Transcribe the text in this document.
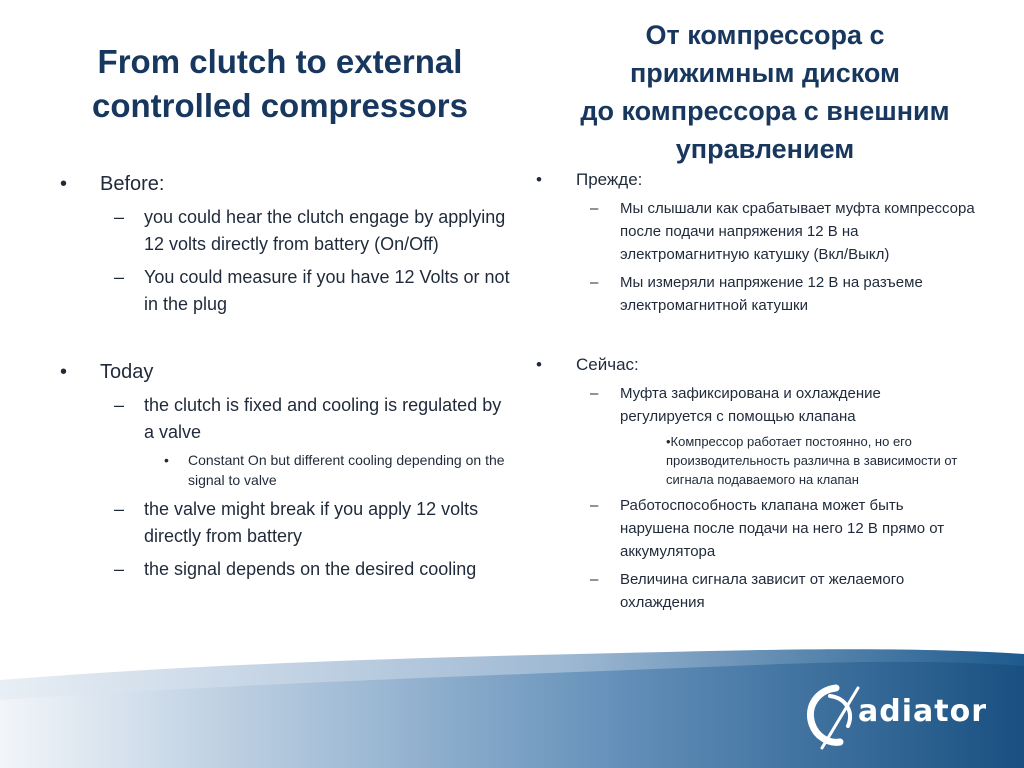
From clutch to external controlled compressors
От компрессора с
прижимным диском
до компрессора с внешним
управлением
• Before:
– you could hear the clutch engage by applying 12 volts directly from battery (On/Off)
– You could measure if you have 12 Volts or not in the plug
• Today
– the clutch is fixed and cooling is regulated by a valve
• Constant On but different cooling depending on the signal to valve
– the valve might break if you apply 12 volts directly from battery
– the signal depends on the desired cooling
• Прежде:
– Мы слышали как срабатывает муфта компрессора после подачи напряжения 12 В на электромагнитную катушку (Вкл/Выкл)
– Мы измеряли напряжение 12 В на разъеме электромагнитной катушки
• Сейчас:
– Муфта зафиксирована и охлаждение регулируется с помощью клапана
•Компрессор работает постоянно, но его производительность различна в зависимости от сигнала подаваемого на клапан
– Работоспособность клапана может быть нарушена после подачи на него 12 В прямо от аккумулятора
– Величина сигнала зависит от желаемого охлаждения
adiator
